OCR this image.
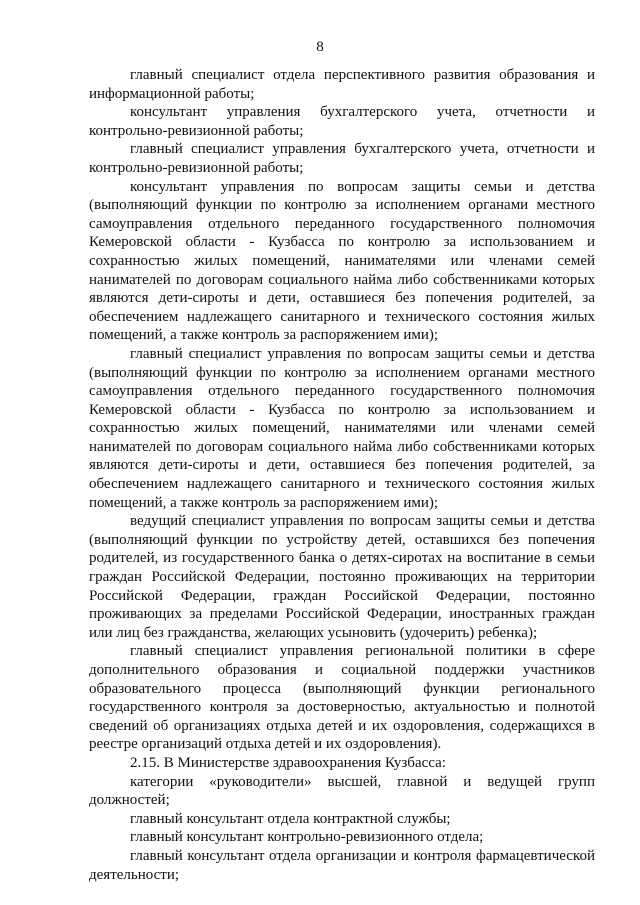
8

главный специалист отдела перспективного развития образования и информационной работы;

консультант управления бухгалтерского учета, отчетности и контрольно-ревизионной работы;

главный специалист управления бухгалтерского учета, отчетности и контрольно-ревизионной работы;

консультант управления по вопросам защиты семьи и детства (выполняющий функции по контролю за исполнением органами местного самоуправления отдельного переданного государственного полномочия Кемеровской области - Кузбасса по контролю за использованием и сохранностью жилых помещений, нанимателями или членами семей нанимателей по договорам социального найма либо собственниками которых являются дети-сироты и дети, оставшиеся без попечения родителей, за обеспечением надлежащего санитарного и технического состояния жилых помещений, а также контроль за распоряжением ими);

главный специалист управления по вопросам защиты семьи и детства (выполняющий функции по контролю за исполнением органами местного самоуправления отдельного переданного государственного полномочия Кемеровской области - Кузбасса по контролю за использованием и сохранностью жилых помещений, нанимателями или членами семей нанимателей по договорам социального найма либо собственниками которых являются дети-сироты и дети, оставшиеся без попечения родителей, за обеспечением надлежащего санитарного и технического состояния жилых помещений, а также контроль за распоряжением ими);

ведущий специалист управления по вопросам защиты семьи и детства (выполняющий функции по устройству детей, оставшихся без попечения родителей, из государственного банка о детях-сиротах на воспитание в семьи граждан Российской Федерации, постоянно проживающих на территории Российской Федерации, граждан Российской Федерации, постоянно проживающих за пределами Российской Федерации, иностранных граждан или лиц без гражданства, желающих усыновить (удочерить) ребенка);

главный специалист управления региональной политики в сфере дополнительного образования и социальной поддержки участников образовательного процесса (выполняющий функции регионального государственного контроля за достоверностью, актуальностью и полнотой сведений об организациях отдыха детей и их оздоровления, содержащихся в реестре организаций отдыха детей и их оздоровления).

2.15. В Министерстве здравоохранения Кузбасса:

категории «руководители» высшей, главной и ведущей групп должностей;

главный консультант отдела контрактной службы;

главный консультант контрольно-ревизионного отдела;

главный консультант отдела организации и контроля фармацевтической деятельности;
